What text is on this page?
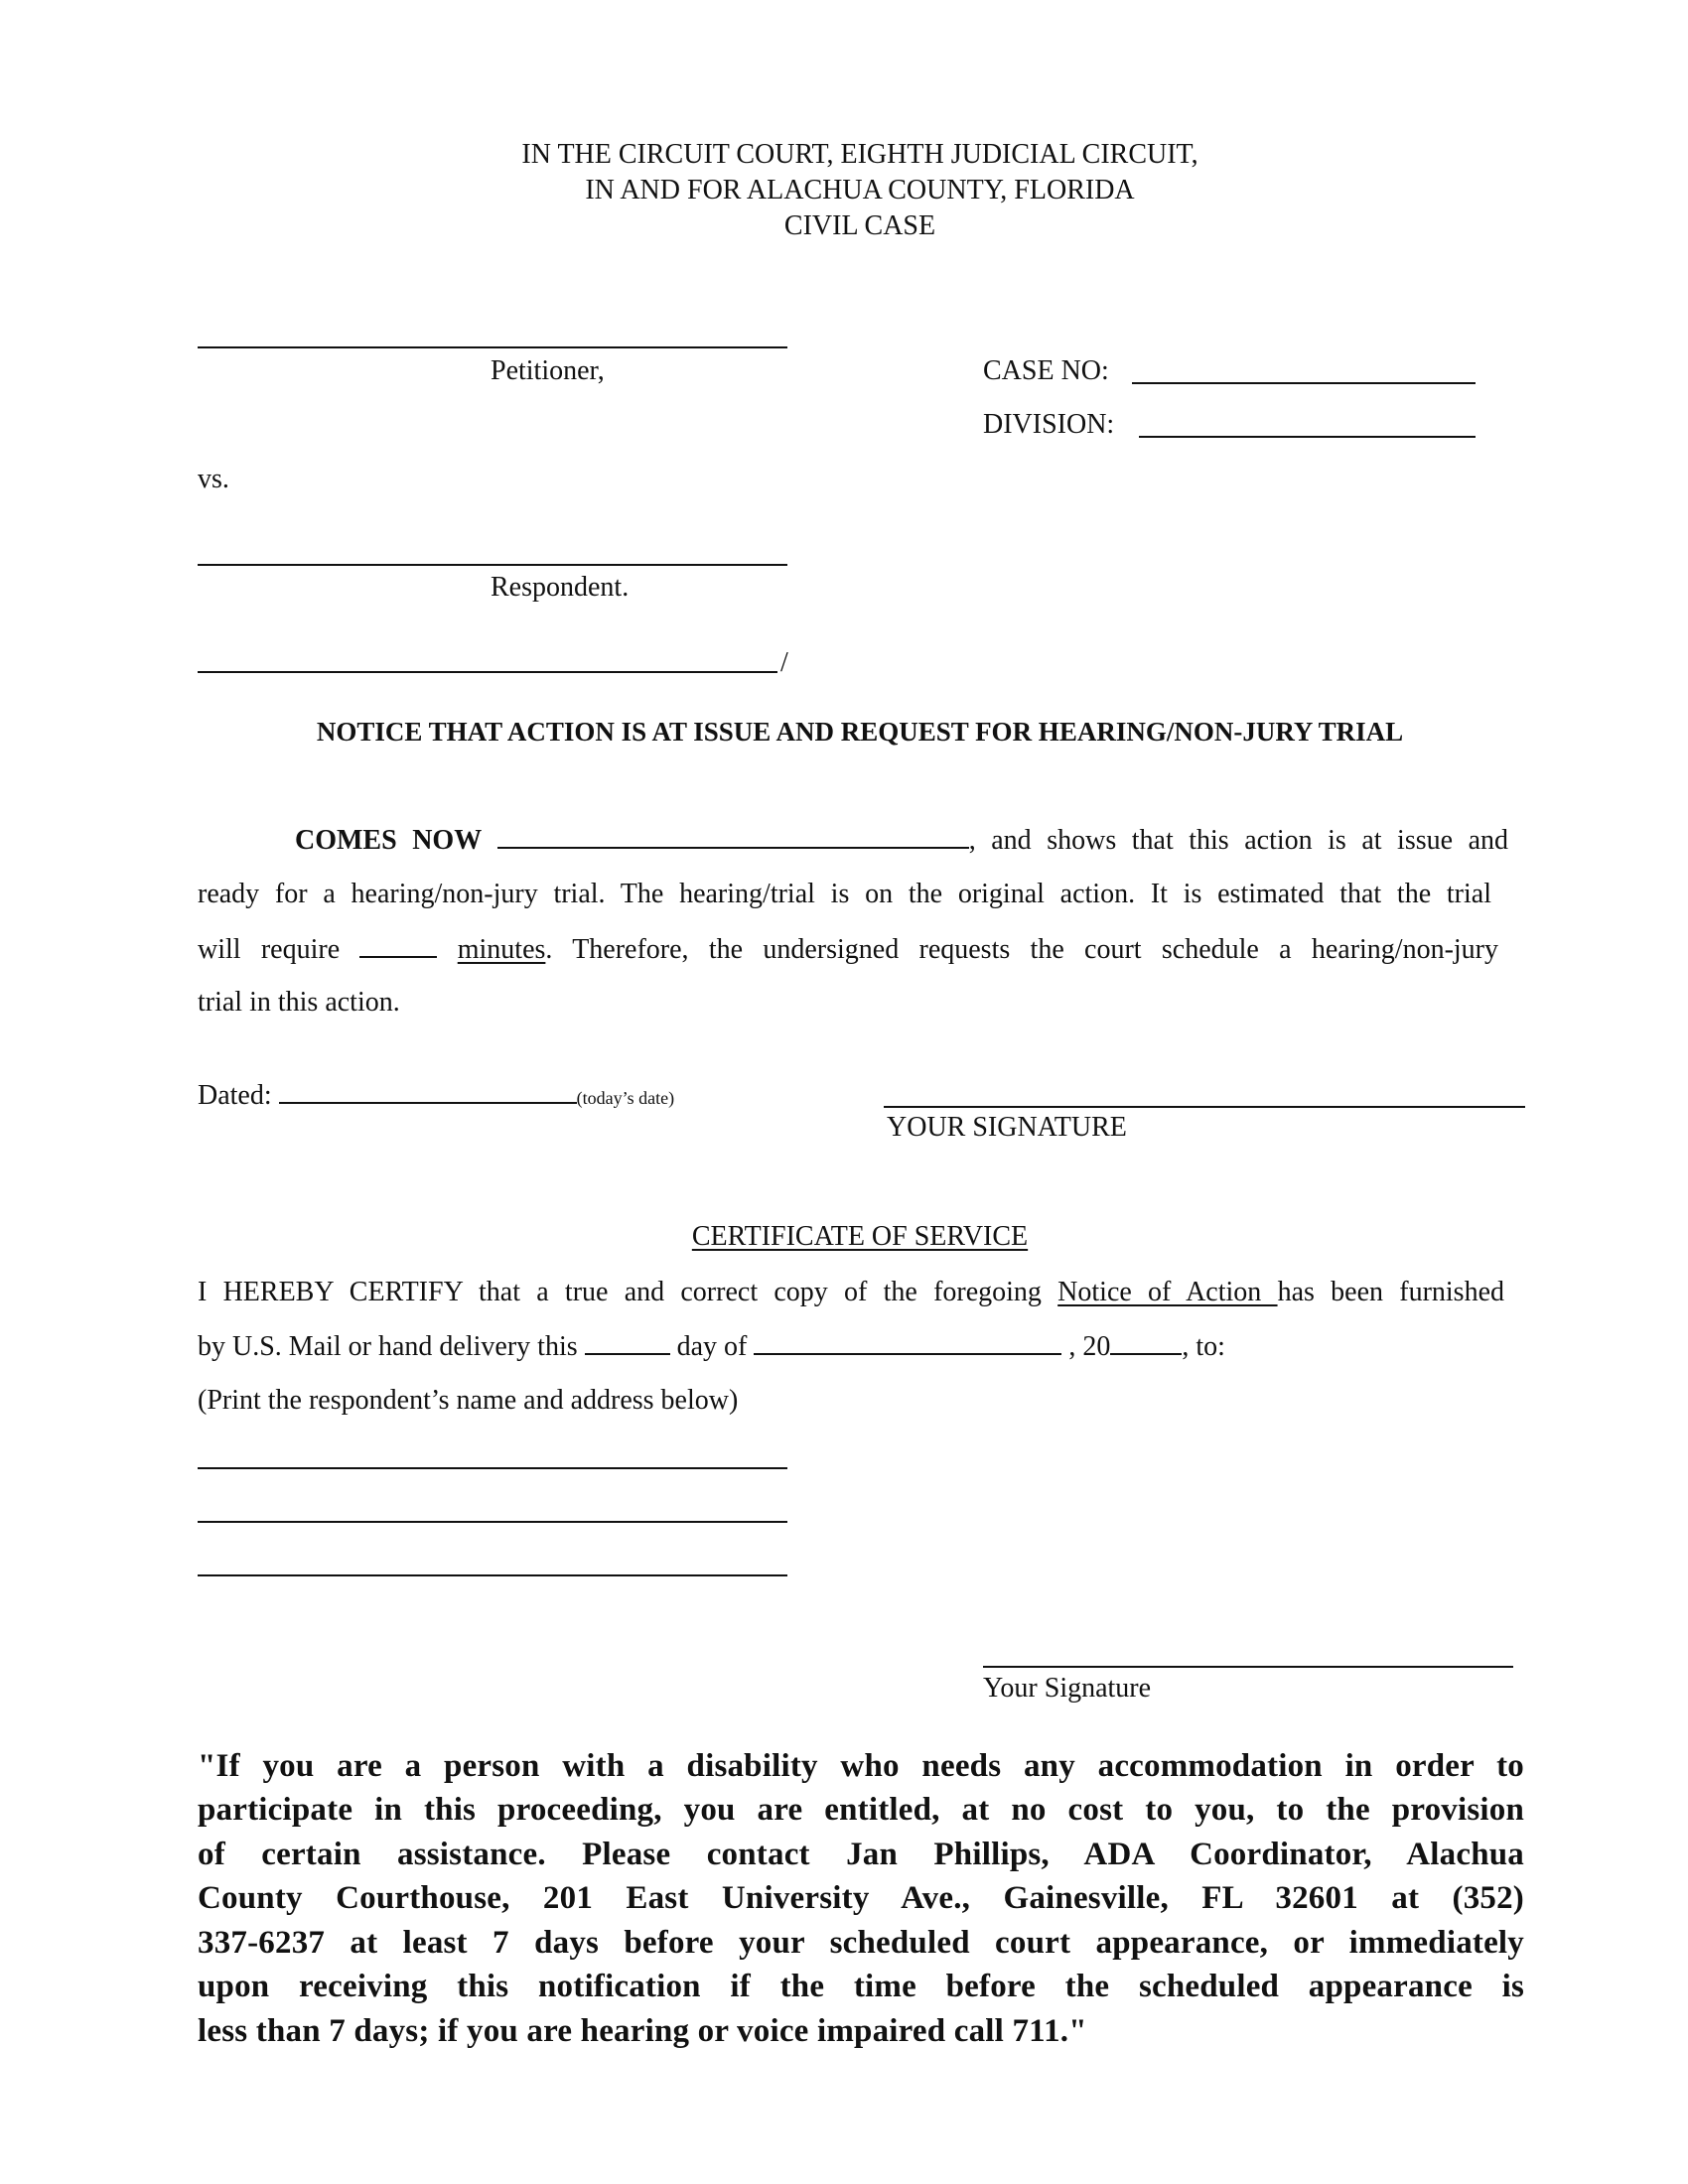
IN THE CIRCUIT COURT, EIGHTH JUDICIAL CIRCUIT,
IN AND FOR ALACHUA COUNTY, FLORIDA
CIVIL CASE
Petitioner,	CASE NO:
DIVISION:
vs.
Respondent.
/
NOTICE THAT ACTION IS AT ISSUE AND REQUEST FOR HEARING/NON-JURY TRIAL
COMES NOW	, and shows that this action is at issue and
ready for a hearing/non-jury trial. The hearing/trial is on the original action. It is estimated that the trial
will require	minutes. Therefore, the undersigned requests the court schedule a hearing/non-jury
trial in this action.
Dated:	(today’s date)
YOUR SIGNATURE
CERTIFICATE OF SERVICE
I HEREBY CERTIFY that a true and correct copy of the foregoing Notice of Action has been furnished
by U.S. Mail or hand delivery this	day of	, 20	, to:
(Print the respondent’s name and address below)
Your Signature
"If you are a person with a disability who needs any accommodation in order to
participate in this proceeding, you are entitled, at no cost to you, to the provision
of certain assistance. Please contact Jan Phillips, ADA Coordinator, Alachua
County Courthouse, 201 East University Ave., Gainesville, FL 32601 at (352)
337-6237 at least 7 days before your scheduled court appearance, or immediately
upon receiving this notification if the time before the scheduled appearance is
less than 7 days; if you are hearing or voice impaired call 711."
